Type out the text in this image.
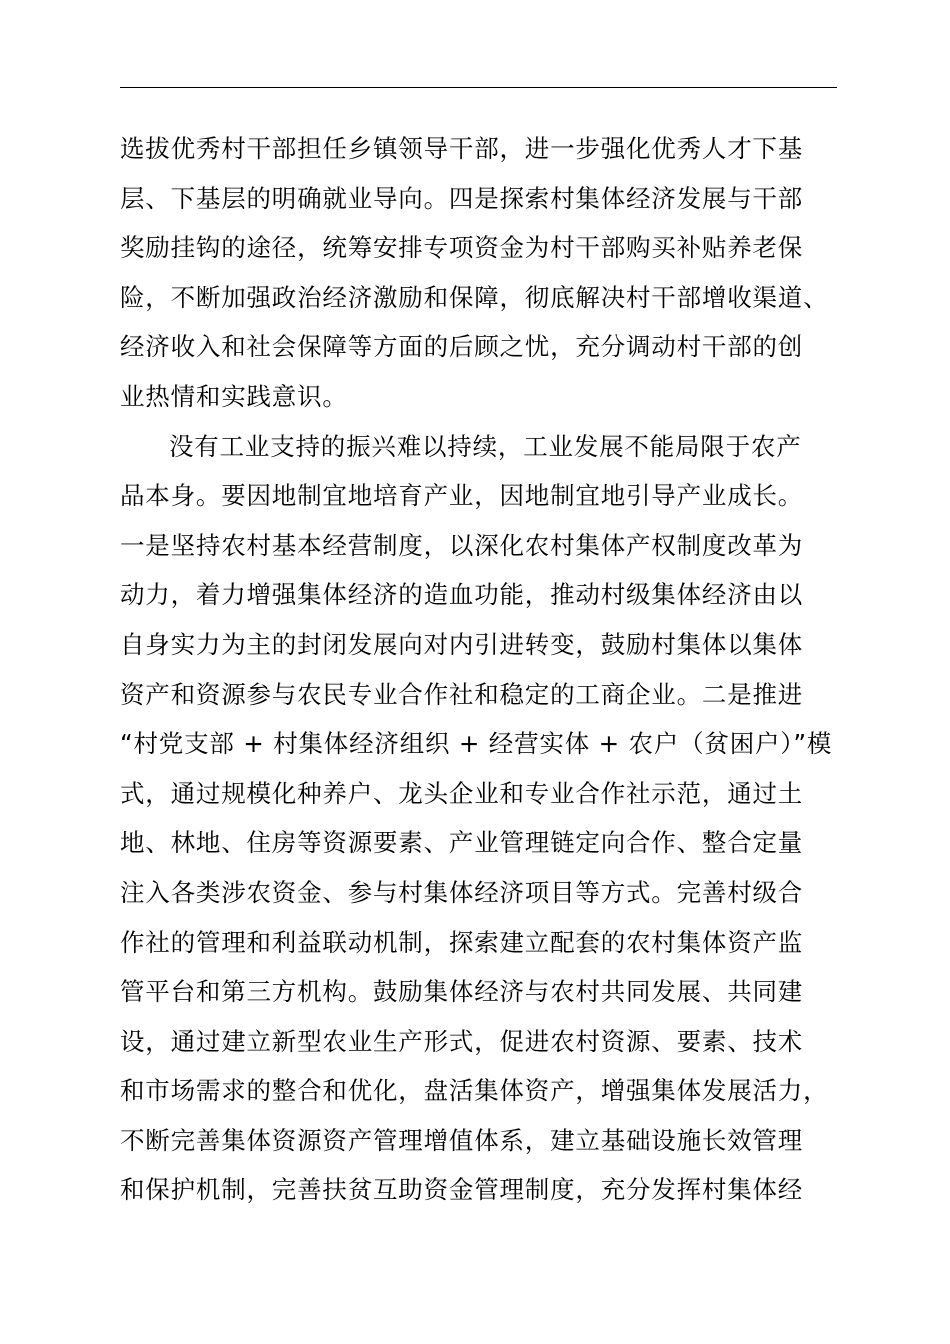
选拔优秀村干部担任乡镇领导干部，进一步强化优秀人才下基
层、下基层的明确就业导向。四是探索村集体经济发展与干部
奖励挂钩的途径，统筹安排专项资金为村干部购买补贴养老保
险，不断加强政治经济激励和保障，彻底解决村干部增收渠道、
经济收入和社会保障等方面的后顾之忧，充分调动村干部的创
业热情和实践意识。
没有工业支持的振兴难以持续，工业发展不能局限于农产
品本身。要因地制宜地培育产业，因地制宜地引导产业成长。
一是坚持农村基本经营制度，以深化农村集体产权制度改革为
动力，着力增强集体经济的造血功能，推动村级集体经济由以
自身实力为主的封闭发展向对内引进转变，鼓励村集体以集体
资产和资源参与农民专业合作社和稳定的工商企业。二是推进
“村党支部 + 村集体经济组织 + 经营实体 + 农户（贫困户）”模
式，通过规模化种养户、龙头企业和专业合作社示范，通过土
地、林地、住房等资源要素、产业管理链定向合作、整合定量
注入各类涉农资金、参与村集体经济项目等方式。完善村级合
作社的管理和利益联动机制，探索建立配套的农村集体资产监
管平台和第三方机构。鼓励集体经济与农村共同发展、共同建
设，通过建立新型农业生产形式，促进农村资源、要素、技术
和市场需求的整合和优化，盘活集体资产，增强集体发展活力，
不断完善集体资源资产管理增值体系，建立基础设施长效管理
和保护机制，完善扶贫互助资金管理制度，充分发挥村集体经
